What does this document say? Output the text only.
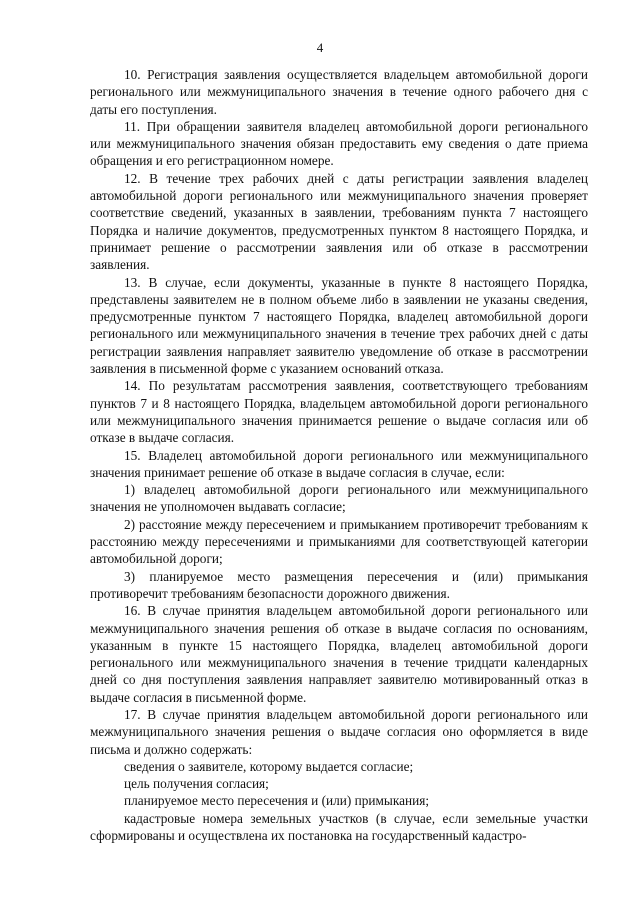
4

10. Регистрация заявления осуществляется владельцем автомобильной дороги регионального или межмуниципального значения в течение одного рабочего дня с даты его поступления.

11. При обращении заявителя владелец автомобильной дороги регионального или межмуниципального значения обязан предоставить ему сведения о дате приема обращения и его регистрационном номере.

12. В течение трех рабочих дней с даты регистрации заявления владелец автомобильной дороги регионального или межмуниципального значения проверяет соответствие сведений, указанных в заявлении, требованиям пункта 7 настоящего Порядка и наличие документов, предусмотренных пунктом 8 настоящего Порядка, и принимает решение о рассмотрении заявления или об отказе в рассмотрении заявления.

13. В случае, если документы, указанные в пункте 8 настоящего Порядка, представлены заявителем не в полном объеме либо в заявлении не указаны сведения, предусмотренные пунктом 7 настоящего Порядка, владелец автомобильной дороги регионального или межмуниципального значения в течение трех рабочих дней с даты регистрации заявления направляет заявителю уведомление об отказе в рассмотрении заявления в письменной форме с указанием оснований отказа.

14. По результатам рассмотрения заявления, соответствующего требованиям пунктов 7 и 8 настоящего Порядка, владельцем автомобильной дороги регионального или межмуниципального значения принимается решение о выдаче согласия или об отказе в выдаче согласия.

15. Владелец автомобильной дороги регионального или межмуниципального значения принимает решение об отказе в выдаче согласия в случае, если:

1) владелец автомобильной дороги регионального или межмуниципального значения не уполномочен выдавать согласие;

2) расстояние между пересечением и примыканием противоречит требованиям к расстоянию между пересечениями и примыканиями для соответствующей категории автомобильной дороги;

3) планируемое место размещения пересечения и (или) примыкания противоречит требованиям безопасности дорожного движения.

16. В случае принятия владельцем автомобильной дороги регионального или межмуниципального значения решения об отказе в выдаче согласия по основаниям, указанным в пункте 15 настоящего Порядка, владелец автомобильной дороги регионального или межмуниципального значения в течение тридцати календарных дней со дня поступления заявления направляет заявителю мотивированный отказ в выдаче согласия в письменной форме.

17. В случае принятия владельцем автомобильной дороги регионального или межмуниципального значения решения о выдаче согласия оно оформляется в виде письма и должно содержать:

сведения о заявителе, которому выдается согласие;

цель получения согласия;

планируемое место пересечения и (или) примыкания;

кадастровые номера земельных участков (в случае, если земельные участки сформированы и осуществлена их постановка на государственный кадастро-
